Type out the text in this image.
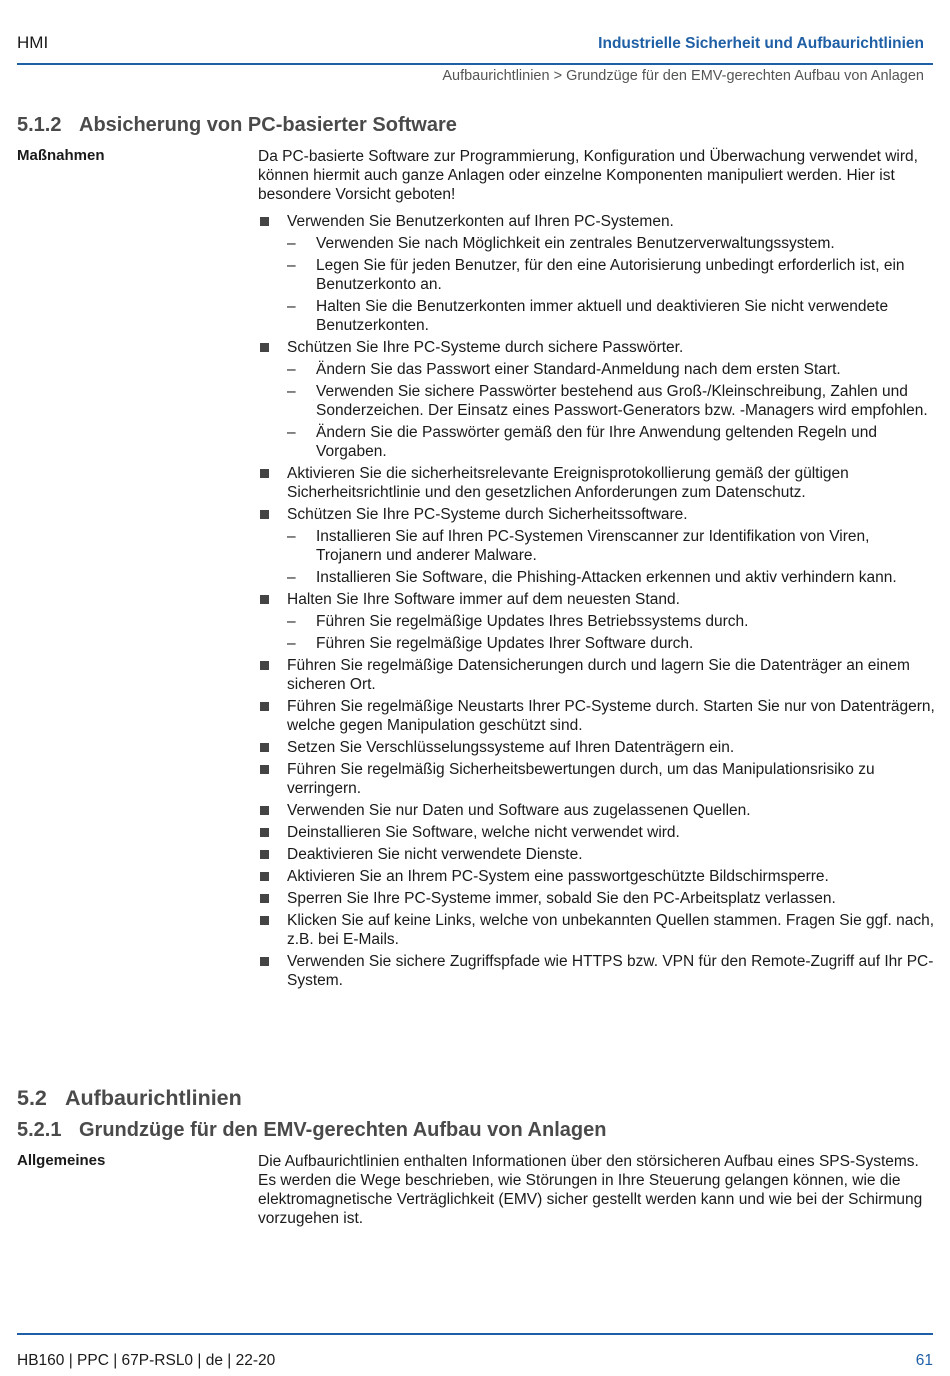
HMI	Industrielle Sicherheit und Aufbaurichtlinien
Aufbaurichtlinien > Grundzüge für den EMV-gerechten Aufbau von Anlagen
5.1.2 Absicherung von PC-basierter Software
Maßnahmen	Da PC-basierte Software zur Programmierung, Konfiguration und Überwachung verwendet wird, können hiermit auch ganze Anlagen oder einzelne Komponenten manipuliert werden. Hier ist besondere Vorsicht geboten!

Verwenden Sie Benutzerkonten auf Ihren PC-Systemen.
– Verwenden Sie nach Möglichkeit ein zentrales Benutzerverwaltungssystem.
– Legen Sie für jeden Benutzer, für den eine Autorisierung unbedingt erforderlich ist, ein Benutzerkonto an.
– Halten Sie die Benutzerkonten immer aktuell und deaktivieren Sie nicht verwendete Benutzerkonten.
Schützen Sie Ihre PC-Systeme durch sichere Passwörter.
– Ändern Sie das Passwort einer Standard-Anmeldung nach dem ersten Start.
– Verwenden Sie sichere Passwörter bestehend aus Groß-/Kleinschreibung, Zahlen und Sonderzeichen. Der Einsatz eines Passwort-Generators bzw. -Managers wird empfohlen.
– Ändern Sie die Passwörter gemäß den für Ihre Anwendung geltenden Regeln und Vorgaben.
Aktivieren Sie die sicherheitsrelevante Ereignisprotokollierung gemäß der gültigen Sicherheitsrichtlinie und den gesetzlichen Anforderungen zum Datenschutz.
Schützen Sie Ihre PC-Systeme durch Sicherheitssoftware.
– Installieren Sie auf Ihren PC-Systemen Virenscanner zur Identifikation von Viren, Trojanern und anderer Malware.
– Installieren Sie Software, die Phishing-Attacken erkennen und aktiv verhindern kann.
Halten Sie Ihre Software immer auf dem neuesten Stand.
– Führen Sie regelmäßige Updates Ihres Betriebssystems durch.
– Führen Sie regelmäßige Updates Ihrer Software durch.
Führen Sie regelmäßige Datensicherungen durch und lagern Sie die Datenträger an einem sicheren Ort.
Führen Sie regelmäßige Neustarts Ihrer PC-Systeme durch. Starten Sie nur von Datenträgern, welche gegen Manipulation geschützt sind.
Setzen Sie Verschlüsselungssysteme auf Ihren Datenträgern ein.
Führen Sie regelmäßig Sicherheitsbewertungen durch, um das Manipulationsrisiko zu verringern.
Verwenden Sie nur Daten und Software aus zugelassenen Quellen.
Deinstallieren Sie Software, welche nicht verwendet wird.
Deaktivieren Sie nicht verwendete Dienste.
Aktivieren Sie an Ihrem PC-System eine passwortgeschützte Bildschirmsperre.
Sperren Sie Ihre PC-Systeme immer, sobald Sie den PC-Arbeitsplatz verlassen.
Klicken Sie auf keine Links, welche von unbekannten Quellen stammen. Fragen Sie ggf. nach, z.B. bei E-Mails.
Verwenden Sie sichere Zugriffspfade wie HTTPS bzw. VPN für den Remote-Zugriff auf Ihr PC-System.
5.2 Aufbaurichtlinien
5.2.1 Grundzüge für den EMV-gerechten Aufbau von Anlagen
Allgemeines	Die Aufbaurichtlinien enthalten Informationen über den störsicheren Aufbau eines SPS-Systems. Es werden die Wege beschrieben, wie Störungen in Ihre Steuerung gelangen können, wie die elektromagnetische Verträglichkeit (EMV) sicher gestellt werden kann und wie bei der Schirmung vorzugehen ist.

HB160 | PPC | 67P-RSL0 | de | 22-20	61
